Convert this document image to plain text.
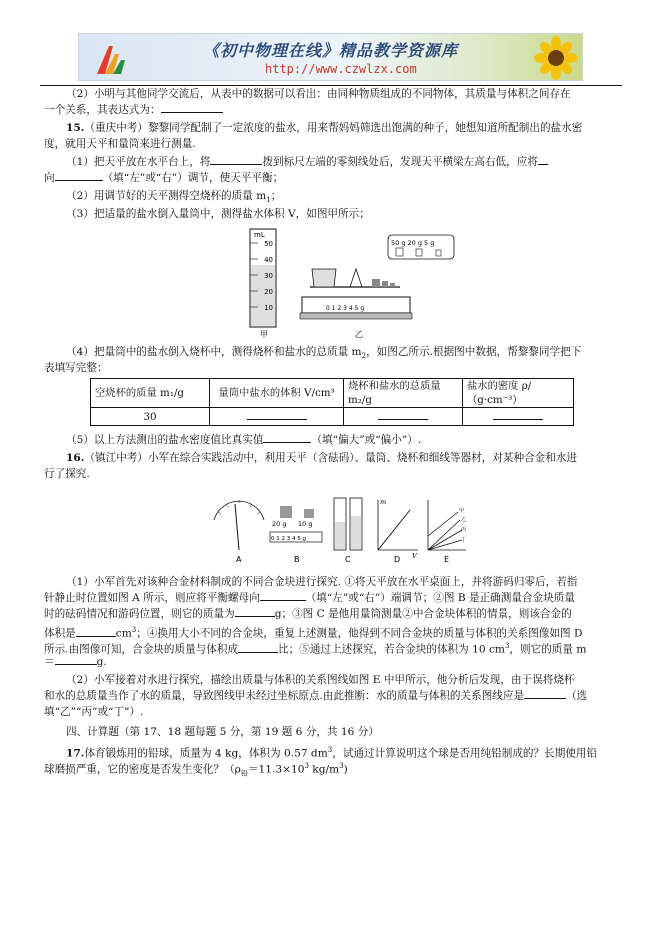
《初中物理在线》精品教学资源库
http://www.czwlzx.com
（2）小明与其他同学交流后，从表中的数据可以看出：由同种物质组成的不同物体，其质量与体积之间存在
一个关系，其表达式为：
15.（重庆中考）黎黎同学配制了一定浓度的盐水，用来帮妈妈筛选出饱满的种子，她想知道所配制出的盐水密
度，就用天平和量筒来进行测量.
（1）把天平放在水平台上，将	拨到标尺左端的零刻线处后，发现天平横梁左高右低，应将
向	（填“左”或“右”）调节，使天平平衡；
（2）用调节好的天平测得空烧杯的质量 $m_1$；
（3）把适量的盐水倒入量筒中，测得盐水体积 V，如图甲所示；
mL
50
40
30
20
10
甲
0 1 2 3 4 5 g
50 g 20 g 5 g
乙
（4）把量筒中的盐水倒入烧杯中，测得烧杯和盐水的总质量 $m_2$，如图乙所示.根据图中数据，帮黎黎同学把下
表填写完整：
空烧杯的质量 m₁/g	量筒中盐水的体积 V/cm³	烧杯和盐水的总质量 m₂/g	盐水的密度 ρ/（g·cm⁻³）
30			
（5）以上方法测出的盐水密度值比真实值	（填“偏大”或“偏小”）.
16.（镇江中考）小军在综合实践活动中，利用天平（含砝码）、量筒、烧杯和细线等器材，对某种合金和水进
行了探究.
A
20 g 10 g
0 1 2 3 4 5 g
B	C
m
V
D
甲
乙
丙
丁
E
（1）小军首先对该种合金材料制成的不同合金块进行探究. ①将天平放在水平桌面上，并将游码归零后，若指
针静止时位置如图 A 所示，则应将平衡螺母向	（填“左”或“右”）端调节；②图 B 是正确测量合金块质量
时的砝码情况和游码位置，则它的质量为	g；③图 C 是他用量筒测量②中合金块体积的情景，则该合金的
体积是	$cm^3$；④换用大小不同的合金块，重复上述测量，他得到不同合金块的质量与体积的关系图像如图 D
所示.由图像可知，合金块的质量与体积成	比；⑤通过上述探究，若合金块的体积为 10 $cm^3$，则它的质量 m
＝	g.
（2）小军接着对水进行探究，描绘出质量与体积的关系图线如图 E 中甲所示，他分析后发现，由于误将烧杯
和水的总质量当作了水的质量，导致图线甲未经过坐标原点.由此推断：水的质量与体积的关系图线应是	（选
填“乙”“丙”或“丁”）.
四、计算题（第 17、18 题每题 5 分，第 19 题 6 分，共 16 分）
17.体育锻炼用的铅球，质量为 4 kg，体积为 0.57 $dm^3$，试通过计算说明这个球是否用纯铅制成的？长期使用铅
球磨损严重，它的密度是否发生变化？（$\rho_铅=11.3\times 10^3$ $kg/m^3$)
